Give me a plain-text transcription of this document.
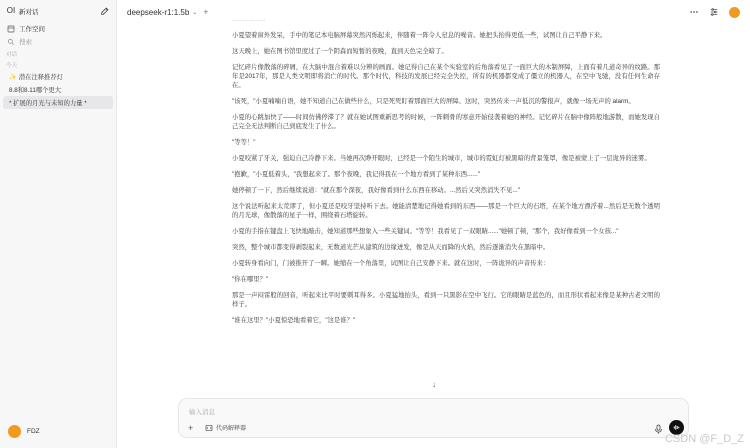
ΟΙ 新对话
工作空间
搜索
对话
今天
✨ 潜在注释推荐灯
8.8和8.11哪个更大
* 扩展的月光与未知的力量 *
FDZ
deepseek-r1:1.5b ⌄ +

....................

小夏望着窗外发呆，手中的笔记本电脑屏幕突然闪烁起来，伴随着一阵令人窒息的噪音。她把头抬得更低一些，试图让自己平静下来。

这天晚上，她在图书馆里度过了一个阴森而短暂的夜晚，直到天色完全暗了。

记忆碎片像散落的碎屑，在大脑中混合着难以分辨的画面。她记得自己在某个实验室的后角落看见了一面巨大的木制屏障，上面有着几道奇异的纹路。那年是2017年，那是人类文明即将消亡的时代。那个时代，科技的发展已经完全失控，所有的机器都变成了僵立的机器人，在空中飞驰，没有任何生命存在。

"该死，"小夏喃喃自语，她不知道自己在做些什么，只是死死盯着那面巨大的屏障。这时，突然传来一声低沉的警报声，就像一场无声的 alarm。

小夏的心跳加快了——时间仿佛停滞了？就在她试图重新思考的时候，一阵刺骨的寒意开始侵袭着她的神经。记忆碎片在脑中像阵般地游散，而她发现自己完全无法判断自己到底发生了什么。

"等等！"

小夏咬紧了牙关，强迫自己冷静下来。当她再次睁开眼时，已经是一个陌生的城市，城市的霓虹灯被黑暗的背景笼罩，像是被蒙上了一层诡异的迷雾。

"抱歉，"小夏低着头，"我想起来了。那个夜晚，我记得我在一个地方看到了某种东西......"

她停顿了一下，然后继续说道："就在那个深夜，我好像看到什么东西在移动。...然后又突然消失不见..."

这个说法听起来太荒谬了，但小夏还是咬牙坚持听下去。她能清楚地记得她看到的东西——那是一个巨大的石塔，在某个地方漂浮着...然后是无数个透明的月光球，像散落的星子一样，围绕着石塔旋转。

小夏的手指在键盘上飞快地敲击，她知道那些想象入一些关键词。"等等！我看见了一双眼睛......"她顿了顿，"那个，我好像看到一个女孩..."

突然，整个城市都变得剥裂起来，无数道光芒从建筑的边缘迸发，像是从天而降的火焰，然后逐渐消失在黑暗中。

小夏转身看向门，门被推开了一瞬。她缩在一个角落里，试图让自己安静下来。就在这时，一阵诡异的声音传来：

"你在哪里？"

那是一声闷雷般的回音，听起来比平时要刺耳得多。小夏猛地抬头，看到一只黑影在空中飞行。它的眼睛是蓝色的，而且形状看起来像是某种古老文明的样子。

"谁在这里？"小夏惊恐地看着它，"这是谁？"

↓
输入消息
+	代码解释器
CSDN @F_D_Z
